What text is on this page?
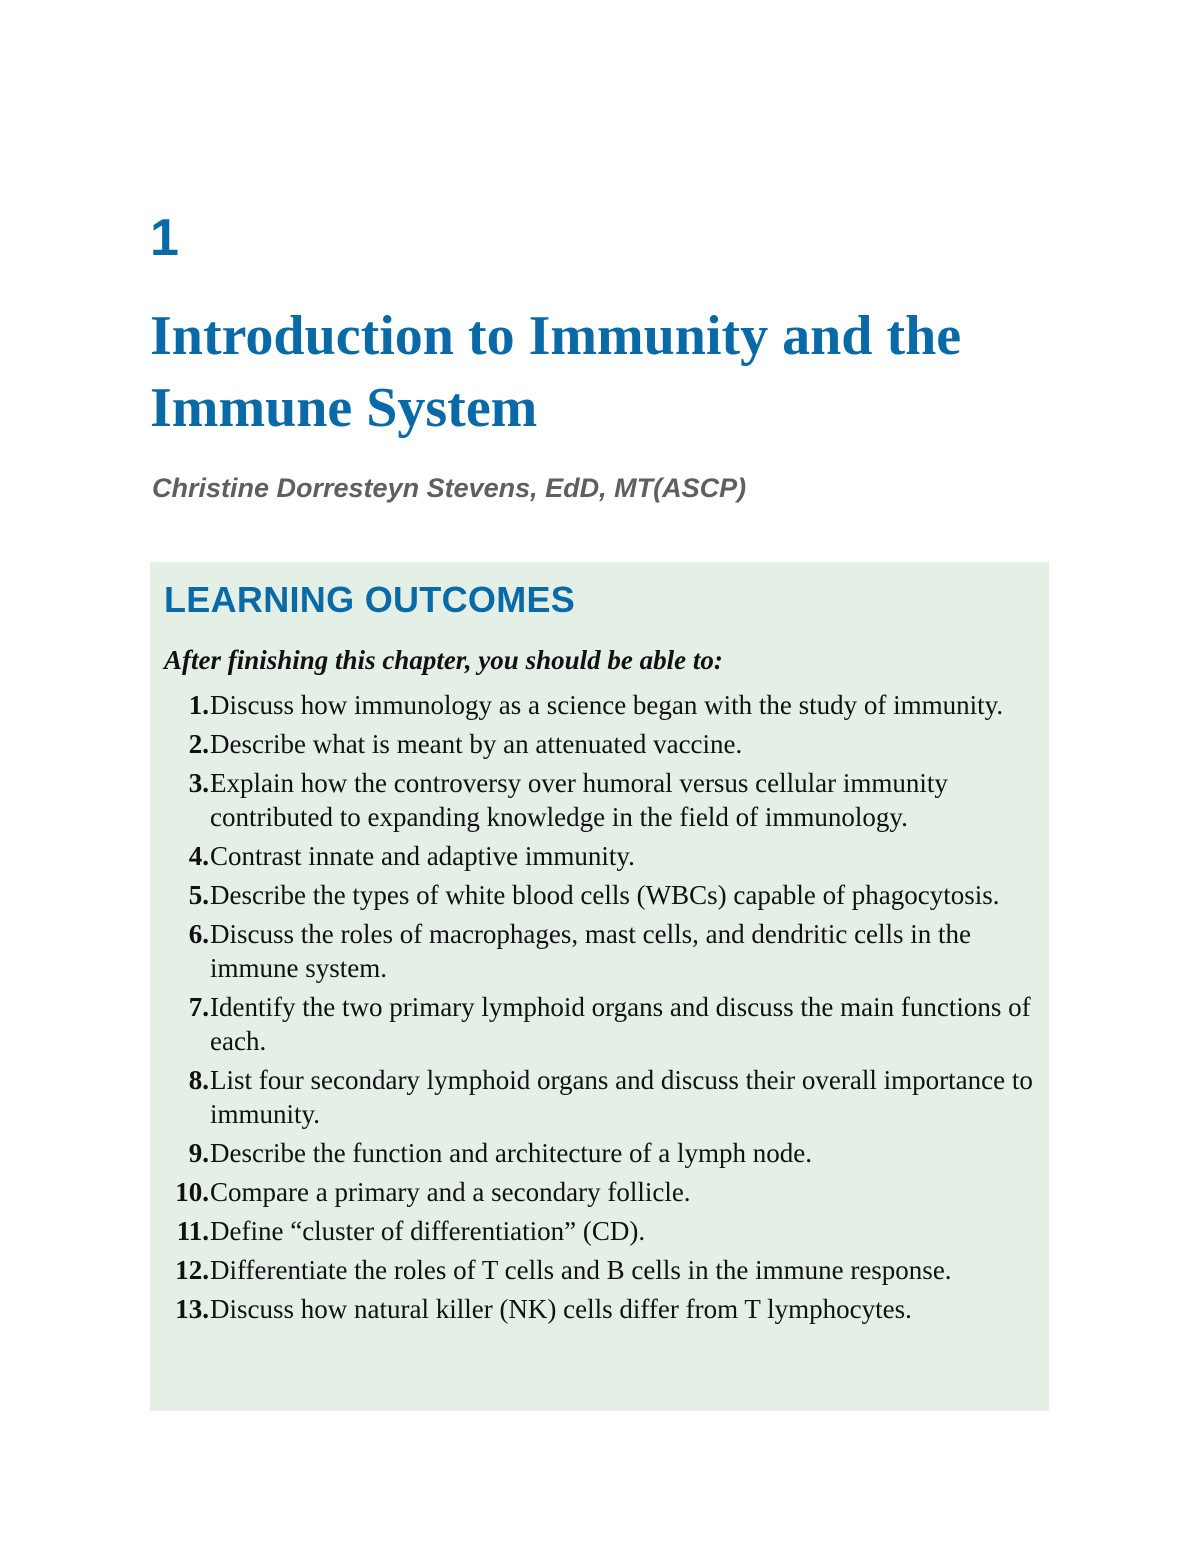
1
Introduction to Immunity and the Immune System

Christine Dorresteyn Stevens, EdD, MT(ASCP)

LEARNING OUTCOMES

After finishing this chapter, you should be able to:

1. Discuss how immunology as a science began with the study of immunity.
2. Describe what is meant by an attenuated vaccine.
3. Explain how the controversy over humoral versus cellular immunity contributed to expanding knowledge in the field of immunology.
4. Contrast innate and adaptive immunity.
5. Describe the types of white blood cells (WBCs) capable of phagocytosis.
6. Discuss the roles of macrophages, mast cells, and dendritic cells in the immune system.
7. Identify the two primary lymphoid organs and discuss the main functions of each.
8. List four secondary lymphoid organs and discuss their overall importance to immunity.
9. Describe the function and architecture of a lymph node.
10. Compare a primary and a secondary follicle.
11. Define “cluster of differentiation” (CD).
12. Differentiate the roles of T cells and B cells in the immune response.
13. Discuss how natural killer (NK) cells differ from T lymphocytes.
